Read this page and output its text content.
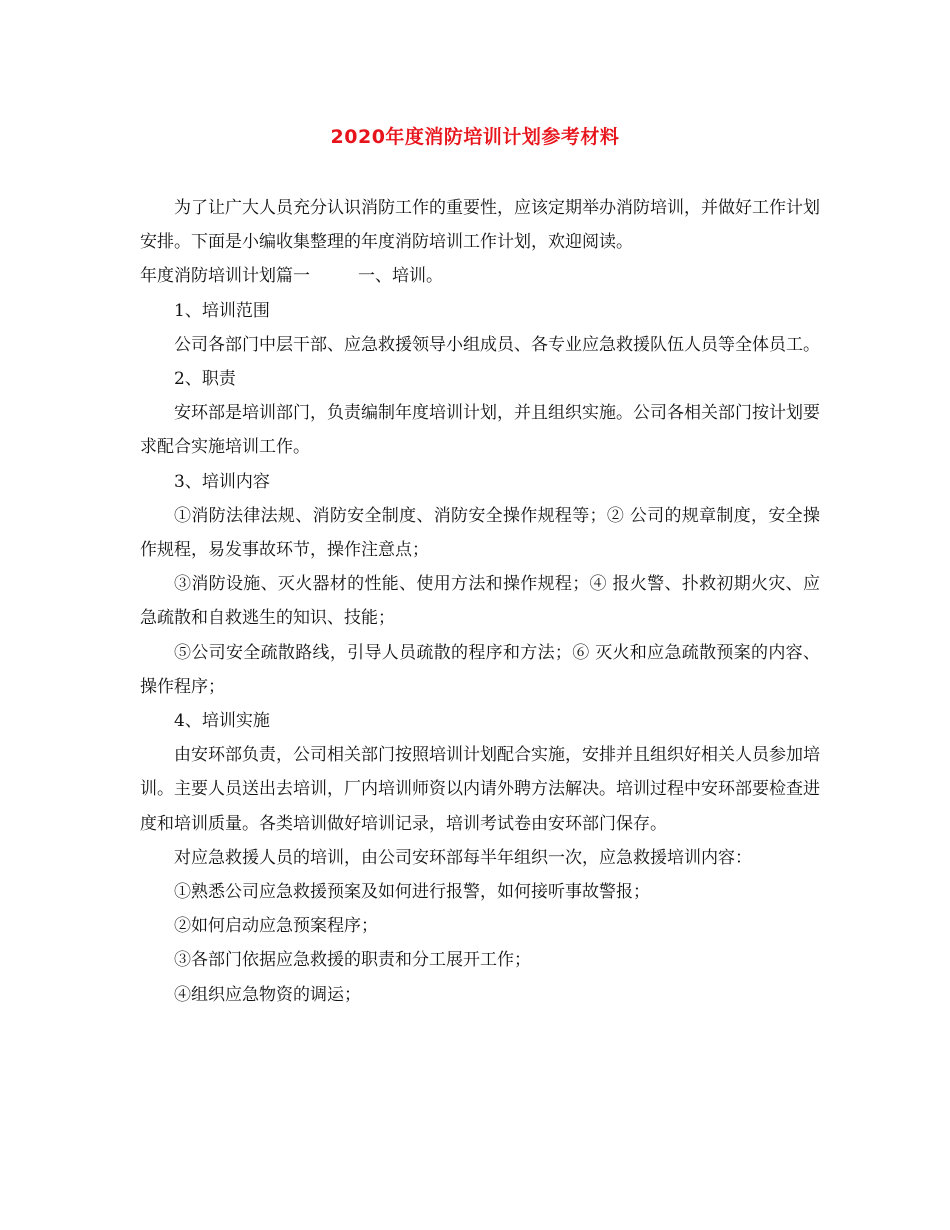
2020年度消防培训计划参考材料

为了让广大人员充分认识消防工作的重要性，应该定期举办消防培训，并做好工作计划安排。下面是小编收集整理的年度消防培训工作计划，欢迎阅读。

年度消防培训计划篇一	一、培训。

1、培训范围

公司各部门中层干部、应急救援领导小组成员、各专业应急救援队伍人员等全体员工。

2、职责

安环部是培训部门，负责编制年度培训计划，并且组织实施。公司各相关部门按计划要求配合实施培训工作。

3、培训内容

①消防法律法规、消防安全制度、消防安全操作规程等；② 公司的规章制度，安全操作规程，易发事故环节，操作注意点；

③消防设施、灭火器材的性能、使用方法和操作规程；④ 报火警、扑救初期火灾、应急疏散和自救逃生的知识、技能；

⑤公司安全疏散路线，引导人员疏散的程序和方法；⑥ 灭火和应急疏散预案的内容、操作程序；

4、培训实施

由安环部负责，公司相关部门按照培训计划配合实施，安排并且组织好相关人员参加培训。主要人员送出去培训，厂内培训师资以内请外聘方法解决。培训过程中安环部要检查进度和培训质量。各类培训做好培训记录，培训考试卷由安环部门保存。

对应急救援人员的培训，由公司安环部每半年组织一次，应急救援培训内容：

①熟悉公司应急救援预案及如何进行报警，如何接听事故警报；

②如何启动应急预案程序；

③各部门依据应急救援的职责和分工展开工作；

④组织应急物资的调运；
